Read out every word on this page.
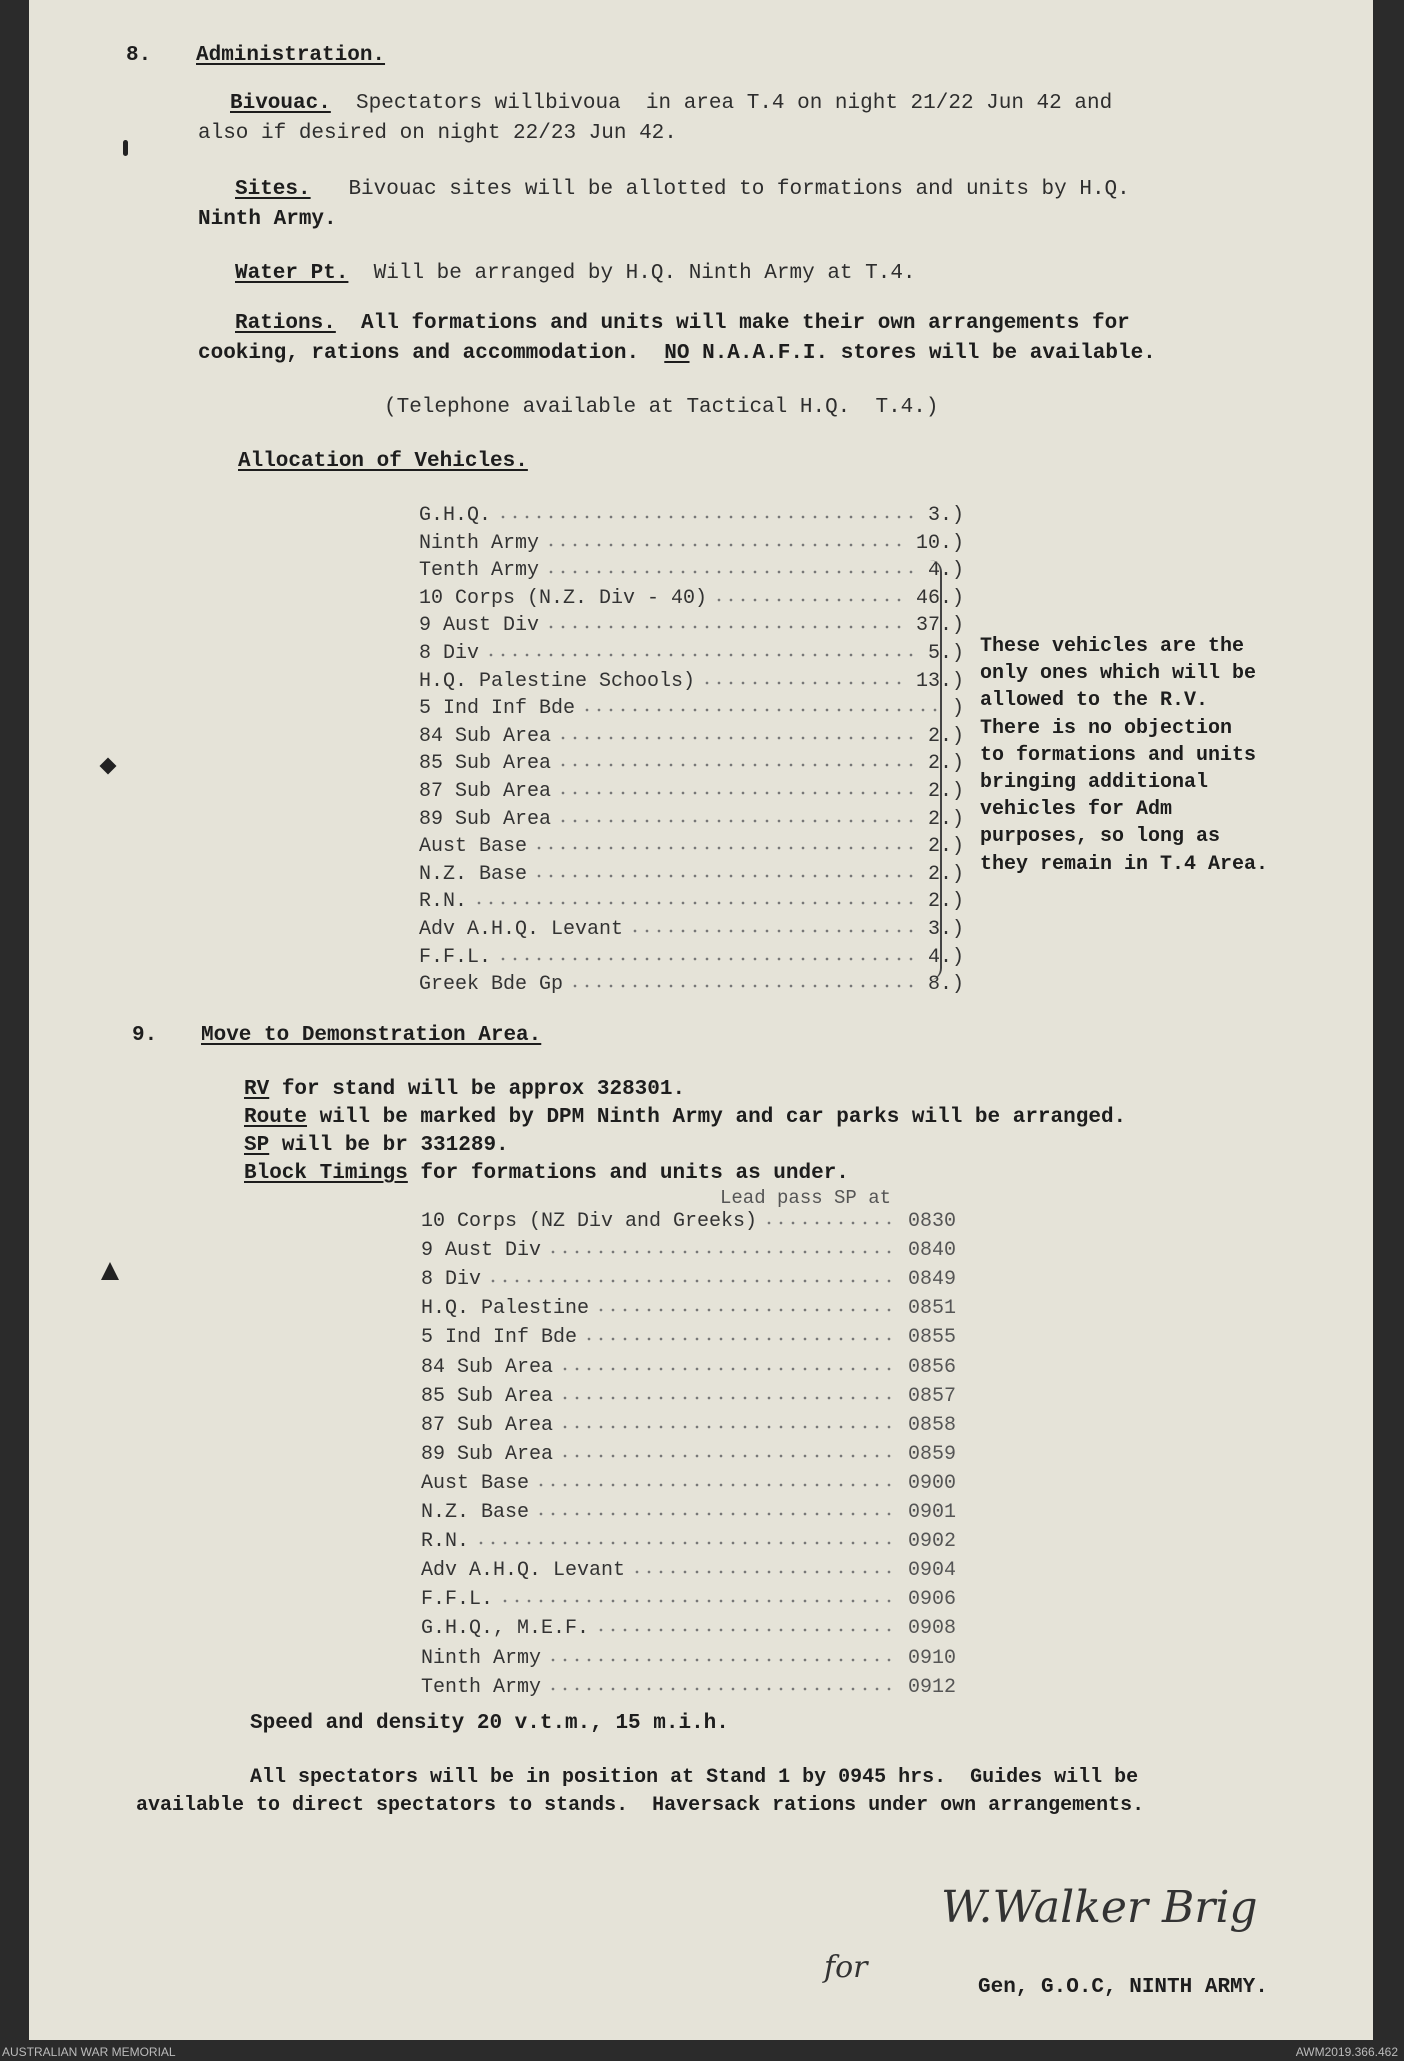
8. Administration.
Bivouac. Spectators willbivoua  in area T.4 on night 21/22 Jun 42 and
also if desired on night 22/23 Jun 42.
Sites. Bivouac sites will be allotted to formations and units by H.Q.
Ninth Army.
Water Pt. Will be arranged by H.Q. Ninth Army at T.4.
Rations. All formations and units will make their own arrangements for
cooking, rations and accommodation.  NO N.A.A.F.I. stores will be available.
(Telephone available at Tactical H.Q.  T.4.)
Allocation of Vehicles.
G.H.Q.	3.)
Ninth Army	10.)
Tenth Army	4.)
10 Corps (N.Z. Div - 40)	46.)
9 Aust Div	37.)
8 Div	5.)
H.Q. Palestine Schools)	13.)
5 Ind Inf Bde	)
84 Sub Area	2.)
85 Sub Area	2.)
87 Sub Area	2.)
89 Sub Area	2.)
Aust Base	2.)
N.Z. Base	2.)
R.N.	2.)
Adv A.H.Q. Levant	3.)
F.F.L.	4.)
Greek Bde Gp	8.)
These vehicles are the
only ones which will be
allowed to the R.V.
There is no objection
to formations and units
bringing additional
vehicles for Adm
purposes, so long as
they remain in T.4 Area.
9. Move to Demonstration Area.
RV for stand will be approx 328301.
Route will be marked by DPM Ninth Army and car parks will be arranged.
SP will be br 331289.
Block Timings for formations and units as under.
Lead pass SP at
10 Corps (NZ Div and Greeks)	0830
9 Aust Div	0840
8 Div	0849
H.Q. Palestine	0851
5 Ind Inf Bde	0855
84 Sub Area	0856
85 Sub Area	0857
87 Sub Area	0858
89 Sub Area	0859
Aust Base	0900
N.Z. Base	0901
R.N.	0902
Adv A.H.Q. Levant	0904
F.F.L.	0906
G.H.Q., M.E.F.	0908
Ninth Army	0910
Tenth Army	0912
Speed and density 20 v.t.m., 15 m.i.h.
All spectators will be in position at Stand 1 by 0945 hrs.  Guides will be
available to direct spectators to stands.  Haversack rations under own arrangements.
W.Walker Brig
for
Gen, G.O.C, NINTH ARMY.
AUSTRALIAN WAR MEMORIAL	AWM2019.366.462
